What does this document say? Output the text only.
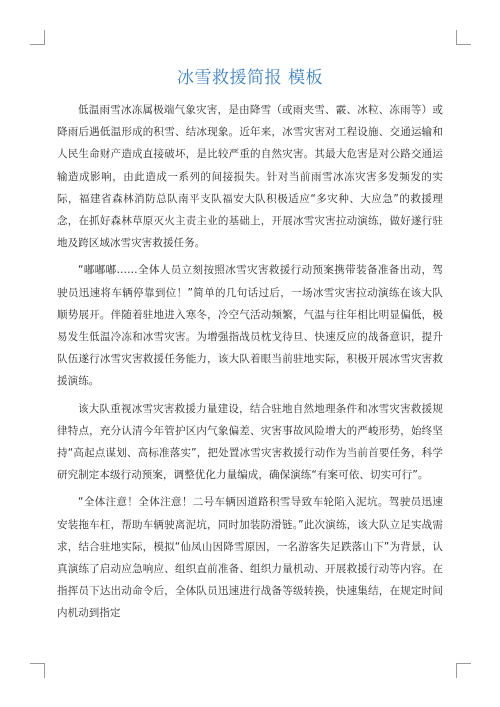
冰雪救援简报 模板

低温雨雪冰冻属极端气象灾害，是由降雪（或雨夹雪、霰、冰粒、冻雨等）或降雨后遇低温形成的积雪、结冰现象。近年来，冰雪灾害对工程设施、交通运输和人民生命财产造成直接破坏，是比较严重的自然灾害。其最大危害是对公路交通运输造成影响，由此造成一系列的间接损失。针对当前雨雪冰冻灾害多发频发的实际，福建省森林消防总队南平支队福安大队积极适应“多灾种、大应急”的救援理念，在抓好森林草原灭火主责主业的基础上，开展冰雪灾害拉动演练，做好遂行驻地及跨区域冰雪灾害救援任务。

“嘟嘟嘟……全体人员立刻按照冰雪灾害救援行动预案携带装备准备出动，驾驶员迅速将车辆停靠到位！”简单的几句话过后，一场冰雪灾害拉动演练在该大队顺势展开。伴随着驻地进入寒冬，冷空气活动频繁，气温与往年相比明显偏低，极易发生低温冷冻和冰雪灾害。为增强指战员枕戈待旦、快速反应的战备意识，提升队伍遂行冰雪灾害救援任务能力，该大队着眼当前驻地实际，积极开展冰雪灾害救援演练。

该大队重视冰雪灾害救援力量建设，结合驻地自然地理条件和冰雪灾害救援规律特点，充分认清今年管护区内气象偏差、灾害事故风险增大的严峻形势，始终坚持“高起点谋划、高标准落实”，把处置冰雪灾害救援行动作为当前首要任务，科学研究制定本级行动预案，调整优化力量编成，确保演练“有案可依、切实可行”。

“全体注意！全体注意！二号车辆因道路积雪导致车轮陷入泥坑。驾驶员迅速安装拖车杠，帮助车辆驶离泥坑，同时加装防滑链。”此次演练，该大队立足实战需求，结合驻地实际，模拟“仙凤山因降雪原因，一名游客失足跌落山下”为背景，认真演练了启动应急响应、组织直前准备、组织力量机动、开展救援行动等内容。在指挥员下达出动命令后，全体队员迅速进行战备等级转换，快速集结，在规定时间内机动到指定
